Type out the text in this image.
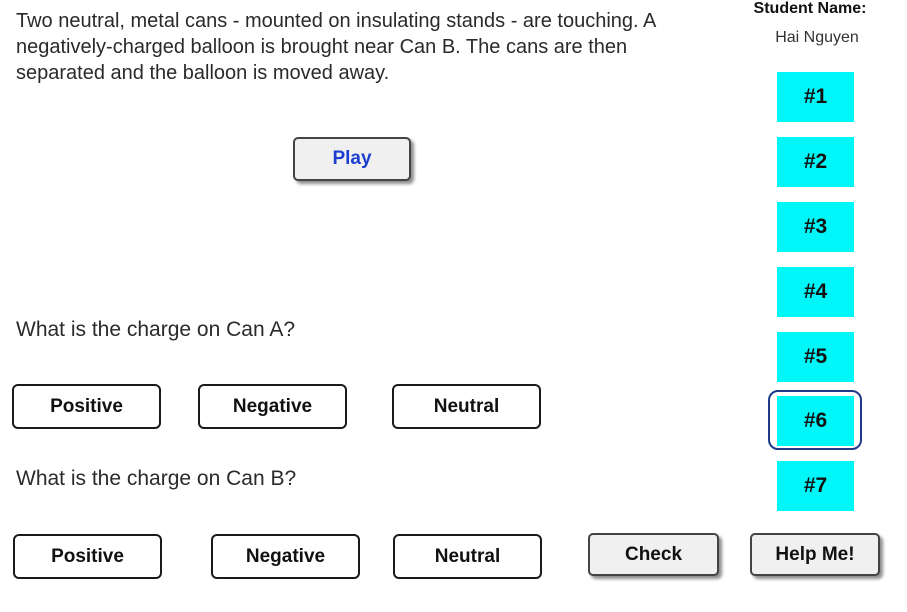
Two neutral, metal cans - mounted on insulating stands - are touching. A negatively-charged balloon is brought near Can B. The cans are then separated and the balloon is moved away.
Student Name:
Hai Nguyen
Play
What is the charge on Can A?
Positive	Negative	Neutral
What is the charge on Can B?
Positive	Negative	Neutral	Check	Help Me!
#1
#2
#3
#4
#5
#6
#7
